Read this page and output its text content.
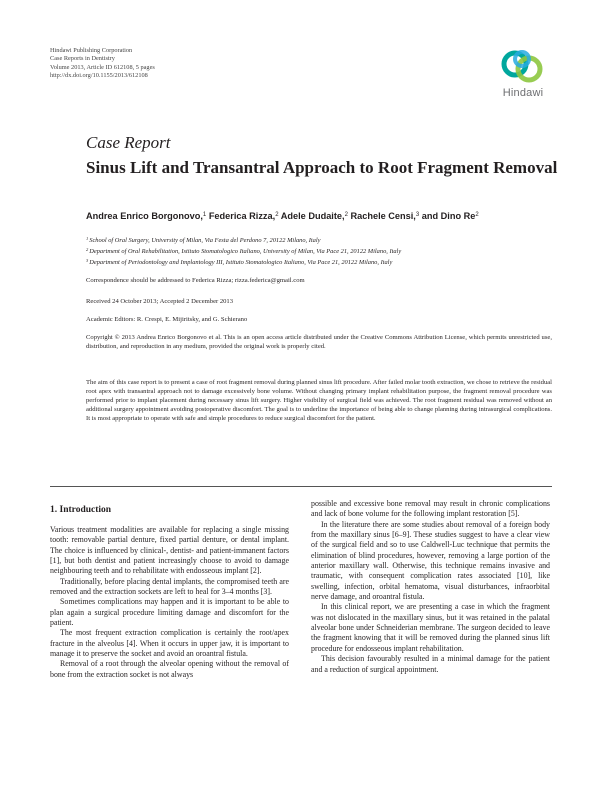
Hindawi Publishing Corporation
Case Reports in Dentistry
Volume 2013, Article ID 612108, 5 pages
http://dx.doi.org/10.1155/2013/612108
Hindawi
Case Report
Sinus Lift and Transantral Approach to Root Fragment Removal
Andrea Enrico Borgonovo,$^1$ Federica Rizza,$^2$ Adele Dudaite,$^2$ Rachele Censi,$^3$ and Dino Re$^2$
$^1$School of Oral Surgery, University of Milan, Via Festa del Perdono 7, 20122 Milano, Italy
$^2$Department of Oral Rehabilitation, Istituto Stomatologico Italiano, University of Milan, Via Pace 21, 20122 Milano, Italy
$^3$Department of Periodontology and Implantology III, Istituto Stomatologico Italiano, Via Pace 21, 20122 Milano, Italy
Correspondence should be addressed to Federica Rizza; rizza.federica@gmail.com
Received 24 October 2013; Accepted 2 December 2013
Academic Editors: R. Crespi, E. Mijiritsky, and G. Schierano
Copyright © 2013 Andrea Enrico Borgonovo et al. This is an open access article distributed under the Creative Commons Attribution License, which permits unrestricted use, distribution, and reproduction in any medium, provided the original work is properly cited.
The aim of this case report is to present a case of root fragment removal during planned sinus lift procedure. After failed molar tooth extraction, we chose to retrieve the residual root apex with transantral approach not to damage excessively bone volume. Without changing primary implant rehabilitation purpose, the fragment removal procedure was performed prior to implant placement during necessary sinus lift surgery. Higher visibility of surgical field was achieved. The root fragment residual was removed without an additional surgery appointment avoiding postoperative discomfort. The goal is to underline the importance of being able to change planning during intrasurgical complications. It is most appropriate to operate with safe and simple procedures to reduce surgical discomfort for the patient.
1. Introduction

Various treatment modalities are available for replacing a single missing tooth: removable partial denture, fixed partial denture, or dental implant. The choice is influenced by clinical-, dentist- and patient-immanent factors [1], but both dentist and patient increasingly choose to avoid to damage neighbouring teeth and to rehabilitate with endosseous implant [2].

Traditionally, before placing dental implants, the compromised teeth are removed and the extraction sockets are left to heal for 3–4 months [3].

Sometimes complications may happen and it is important to be able to plan again a surgical procedure limiting damage and discomfort for the patient.

The most frequent extraction complication is certainly the root/apex fracture in the alveolus [4]. When it occurs in upper jaw, it is important to manage it to preserve the socket and avoid an oroantral fistula.

Removal of a root through the alveolar opening without the removal of bone from the extraction socket is not always

possible and excessive bone removal may result in chronic complications and lack of bone volume for the following implant restoration [5].

In the literature there are some studies about removal of a foreign body from the maxillary sinus [6–9]. These studies suggest to have a clear view of the surgical field and so to use Caldwell-Luc technique that permits the elimination of blind procedures, however, removing a large portion of the anterior maxillary wall. Otherwise, this technique remains invasive and traumatic, with consequent complication rates associated [10], like swelling, infection, orbital hematoma, visual disturbances, infraorbital nerve damage, and oroantral fistula.

In this clinical report, we are presenting a case in which the fragment was not dislocated in the maxillary sinus, but it was retained in the palatal alveolar bone under Schneiderian membrane. The surgeon decided to leave the fragment knowing that it will be removed during the planned sinus lift procedure for endosseous implant rehabilitation.

This decision favourably resulted in a minimal damage for the patient and a reduction of surgical appointment.
